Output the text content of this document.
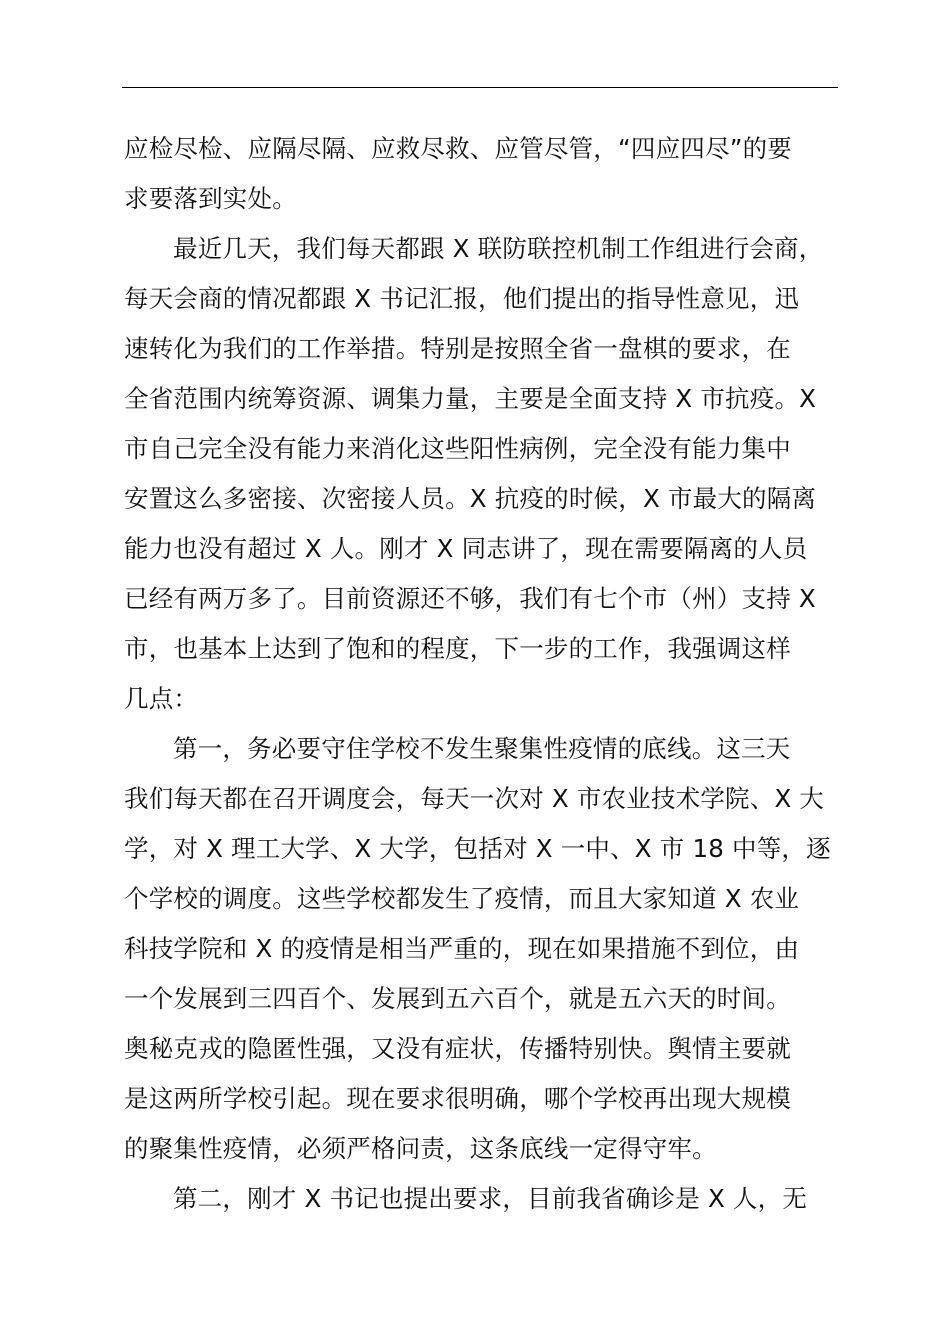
应检尽检、应隔尽隔、应救尽救、应管尽管，“四应四尽”的要
求要落到实处。
最近几天，我们每天都跟 X 联防联控机制工作组进行会商，
每天会商的情况都跟 X 书记汇报，他们提出的指导性意见，迅
速转化为我们的工作举措。特别是按照全省一盘棋的要求，在
全省范围内统筹资源、调集力量，主要是全面支持 X 市抗疫。X
市自己完全没有能力来消化这些阳性病例，完全没有能力集中
安置这么多密接、次密接人员。X 抗疫的时候，X 市最大的隔离
能力也没有超过 X 人。刚才 X 同志讲了，现在需要隔离的人员
已经有两万多了。目前资源还不够，我们有七个市（州）支持 X
市，也基本上达到了饱和的程度，下一步的工作，我强调这样
几点：
第一，务必要守住学校不发生聚集性疫情的底线。这三天
我们每天都在召开调度会，每天一次对 X 市农业技术学院、X 大
学，对 X 理工大学、X 大学，包括对 X 一中、X 市 18 中等，逐
个学校的调度。这些学校都发生了疫情，而且大家知道 X 农业
科技学院和 X 的疫情是相当严重的，现在如果措施不到位，由
一个发展到三四百个、发展到五六百个，就是五六天的时间。
奥秘克戎的隐匿性强，又没有症状，传播特别快。舆情主要就
是这两所学校引起。现在要求很明确，哪个学校再出现大规模
的聚集性疫情，必须严格问责，这条底线一定得守牢。
第二，刚才 X 书记也提出要求，目前我省确诊是 X 人，无
